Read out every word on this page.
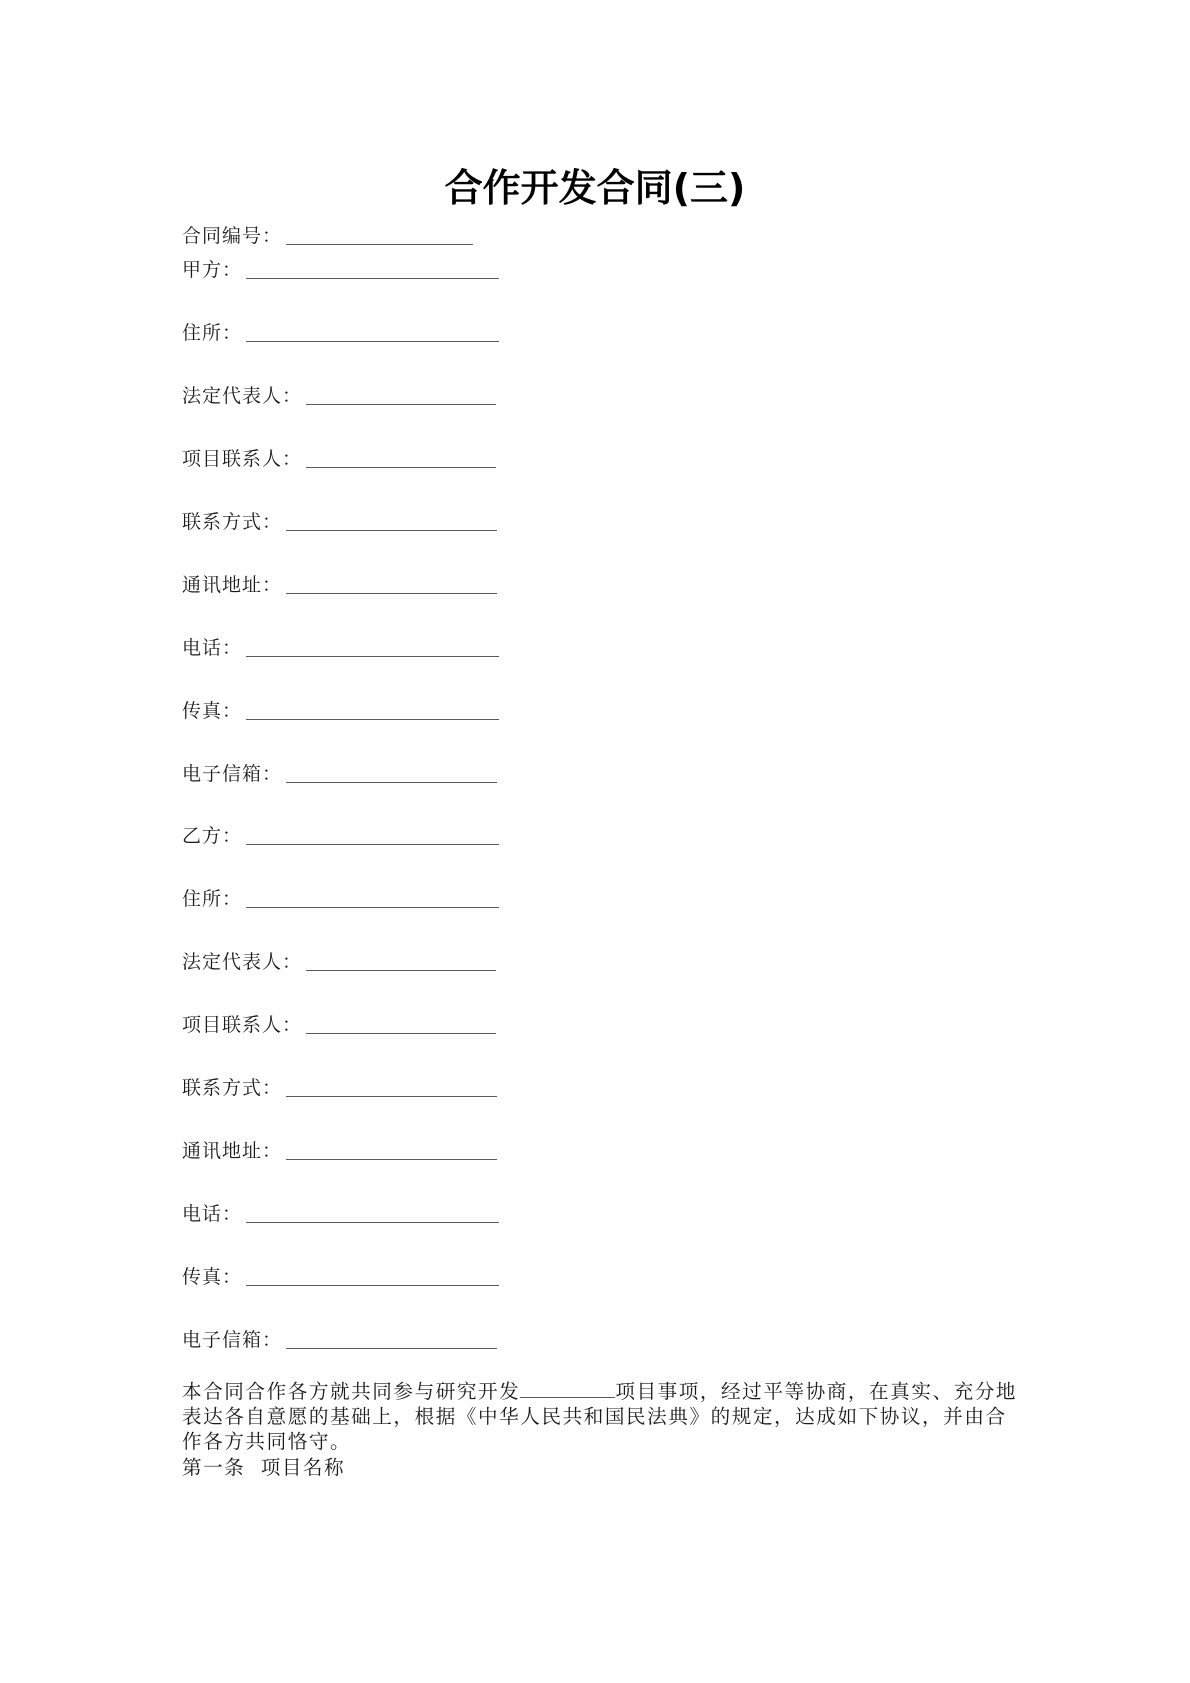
合作开发合同(三)
合同编号：
甲方：
住所：
法定代表人：
项目联系人：
联系方式：
通讯地址：
电话：
传真：
电子信箱：
乙方：
住所：
法定代表人：
项目联系人：
联系方式：
通讯地址：
电话：
传真：
电子信箱：
本合同合作各方就共同参与研究开发	项目事项，经过平等协商，在真实、充分地
表达各自意愿的基础上，根据《中华人民共和国民法典》的规定，达成如下协议，并由合
作各方共同恪守。
第一条  项目名称
